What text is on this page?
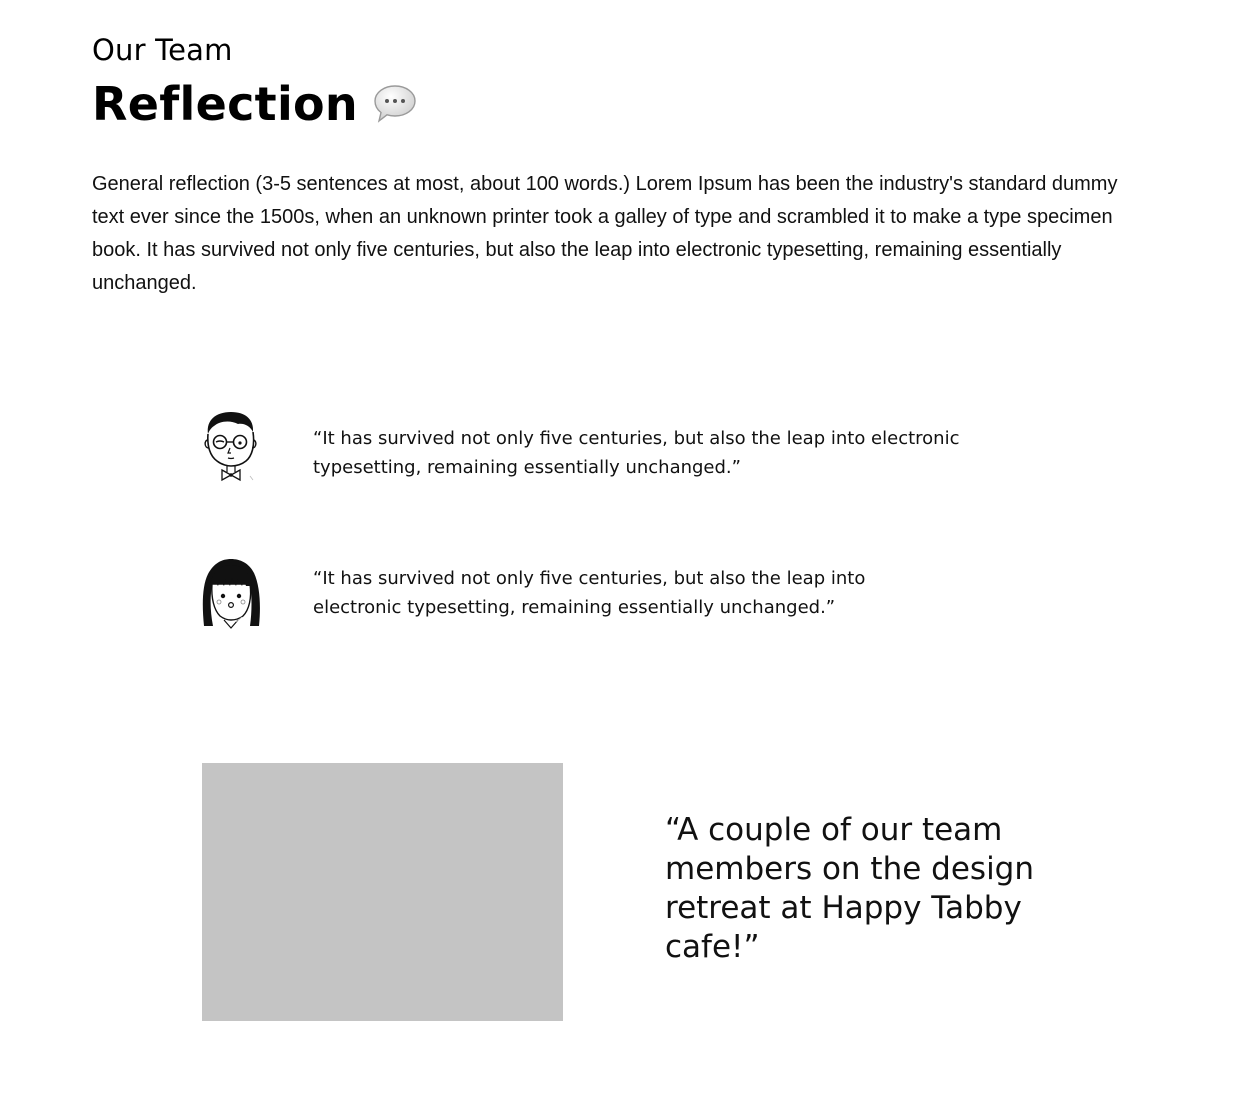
Our Team
Reflection

General reflection (3-5 sentences at most, about 100 words.) Lorem Ipsum has been the industry's standard dummy text ever since the 1500s, when an unknown printer took a galley of type and scrambled it to make a type specimen book. It has survived not only five centuries, but also the leap into electronic typesetting, remaining essentially unchanged.

“It has survived not only five centuries, but also the leap into electronic typesetting, remaining essentially unchanged.”
“It has survived not only five centuries, but also the leap into electronic typesetting, remaining essentially unchanged.”
“A couple of our team members on the design retreat at Happy Tabby cafe!”
